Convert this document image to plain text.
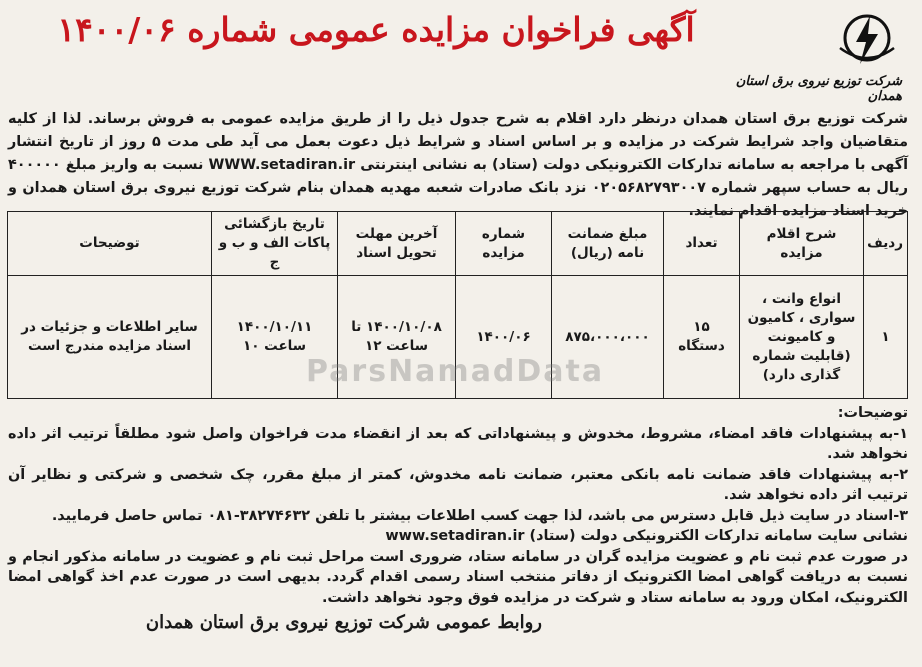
آگهی فراخوان مزایده عمومی شماره ۱۴۰۰/۰۶
شرکت توزیع نیروی برق استان همدان
شرکت توزیع برق استان همدان درنظر دارد اقلام به شرح جدول ذیل را از طریق مزایده عمومی به فروش برساند. لذا از کلیه متقاضیان واجد شرایط شرکت در مزایده و بر اساس اسناد و شرایط ذیل دعوت بعمل می آید طی مدت ۵ روز از تاریخ انتشار آگهی با مراجعه به سامانه تدارکات الکترونیکی دولت (ستاد) به نشانی اینترنتی WWW.setadiran.ir نسبت به واریز مبلغ ۴۰۰۰۰۰ ریال به حساب سپهر شماره ۰۲۰۵۶۸۲۷۹۳۰۰۷ نزد بانک صادرات شعبه مهدیه همدان بنام شرکت توزیع نیروی برق استان همدان و خرید اسناد مزایده اقدام نمایند.
ردیف	شرح اقلام مزایده	تعداد	مبلغ ضمانت نامه (ریال)	شماره مزایده	آخرین مهلت تحویل اسناد	تاریخ بازگشائی پاکات الف و ب و ج	توضیحات
۱	انواع وانت ، سواری ، کامیون و کامیونت (قابلیت شماره گذاری دارد)	۱۵ دستگاه	۸۷۵،۰۰۰،۰۰۰	۱۴۰۰/۰۶	۱۴۰۰/۱۰/۰۸ تا ساعت ۱۲	۱۴۰۰/۱۰/۱۱ ساعت ۱۰	سایر اطلاعات و جزئیات در اسناد مزایده مندرج است
ParsNamadData

توضیحات:

۱-به پیشنهادات فاقد امضاء، مشروط، مخدوش و پیشنهاداتی که بعد از انقضاء مدت فراخوان واصل شود مطلقاً ترتیب اثر داده نخواهد شد.

۲-به پیشنهادات فاقد ضمانت نامه بانکی معتبر، ضمانت نامه مخدوش، کمتر از مبلغ مقرر، چک شخصی و شرکتی و نظایر آن ترتیب اثر داده نخواهد شد.

۳-اسناد در سایت ذیل قابل دسترس می باشد، لذا جهت کسب اطلاعات بیشتر با تلفن ۳۸۲۷۴۶۳۲-۰۸۱ تماس حاصل فرمایید.

نشانی سایت سامانه تدارکات الکترونیکی دولت (ستاد) www.setadiran.ir

در صورت عدم ثبت نام و عضویت مزایده گران در سامانه ستاد، ضروری است مراحل ثبت نام و عضویت در سامانه مذکور انجام و نسبت به دریافت گواهی امضا الکترونیک از دفاتر منتخب اسناد رسمی اقدام گردد. بدیهی است در صورت عدم اخذ گواهی امضا الکترونیک، امکان ورود به سامانه ستاد و شرکت در مزایده فوق وجود نخواهد داشت.

روابط عمومی شرکت توزیع نیروی برق استان همدان
